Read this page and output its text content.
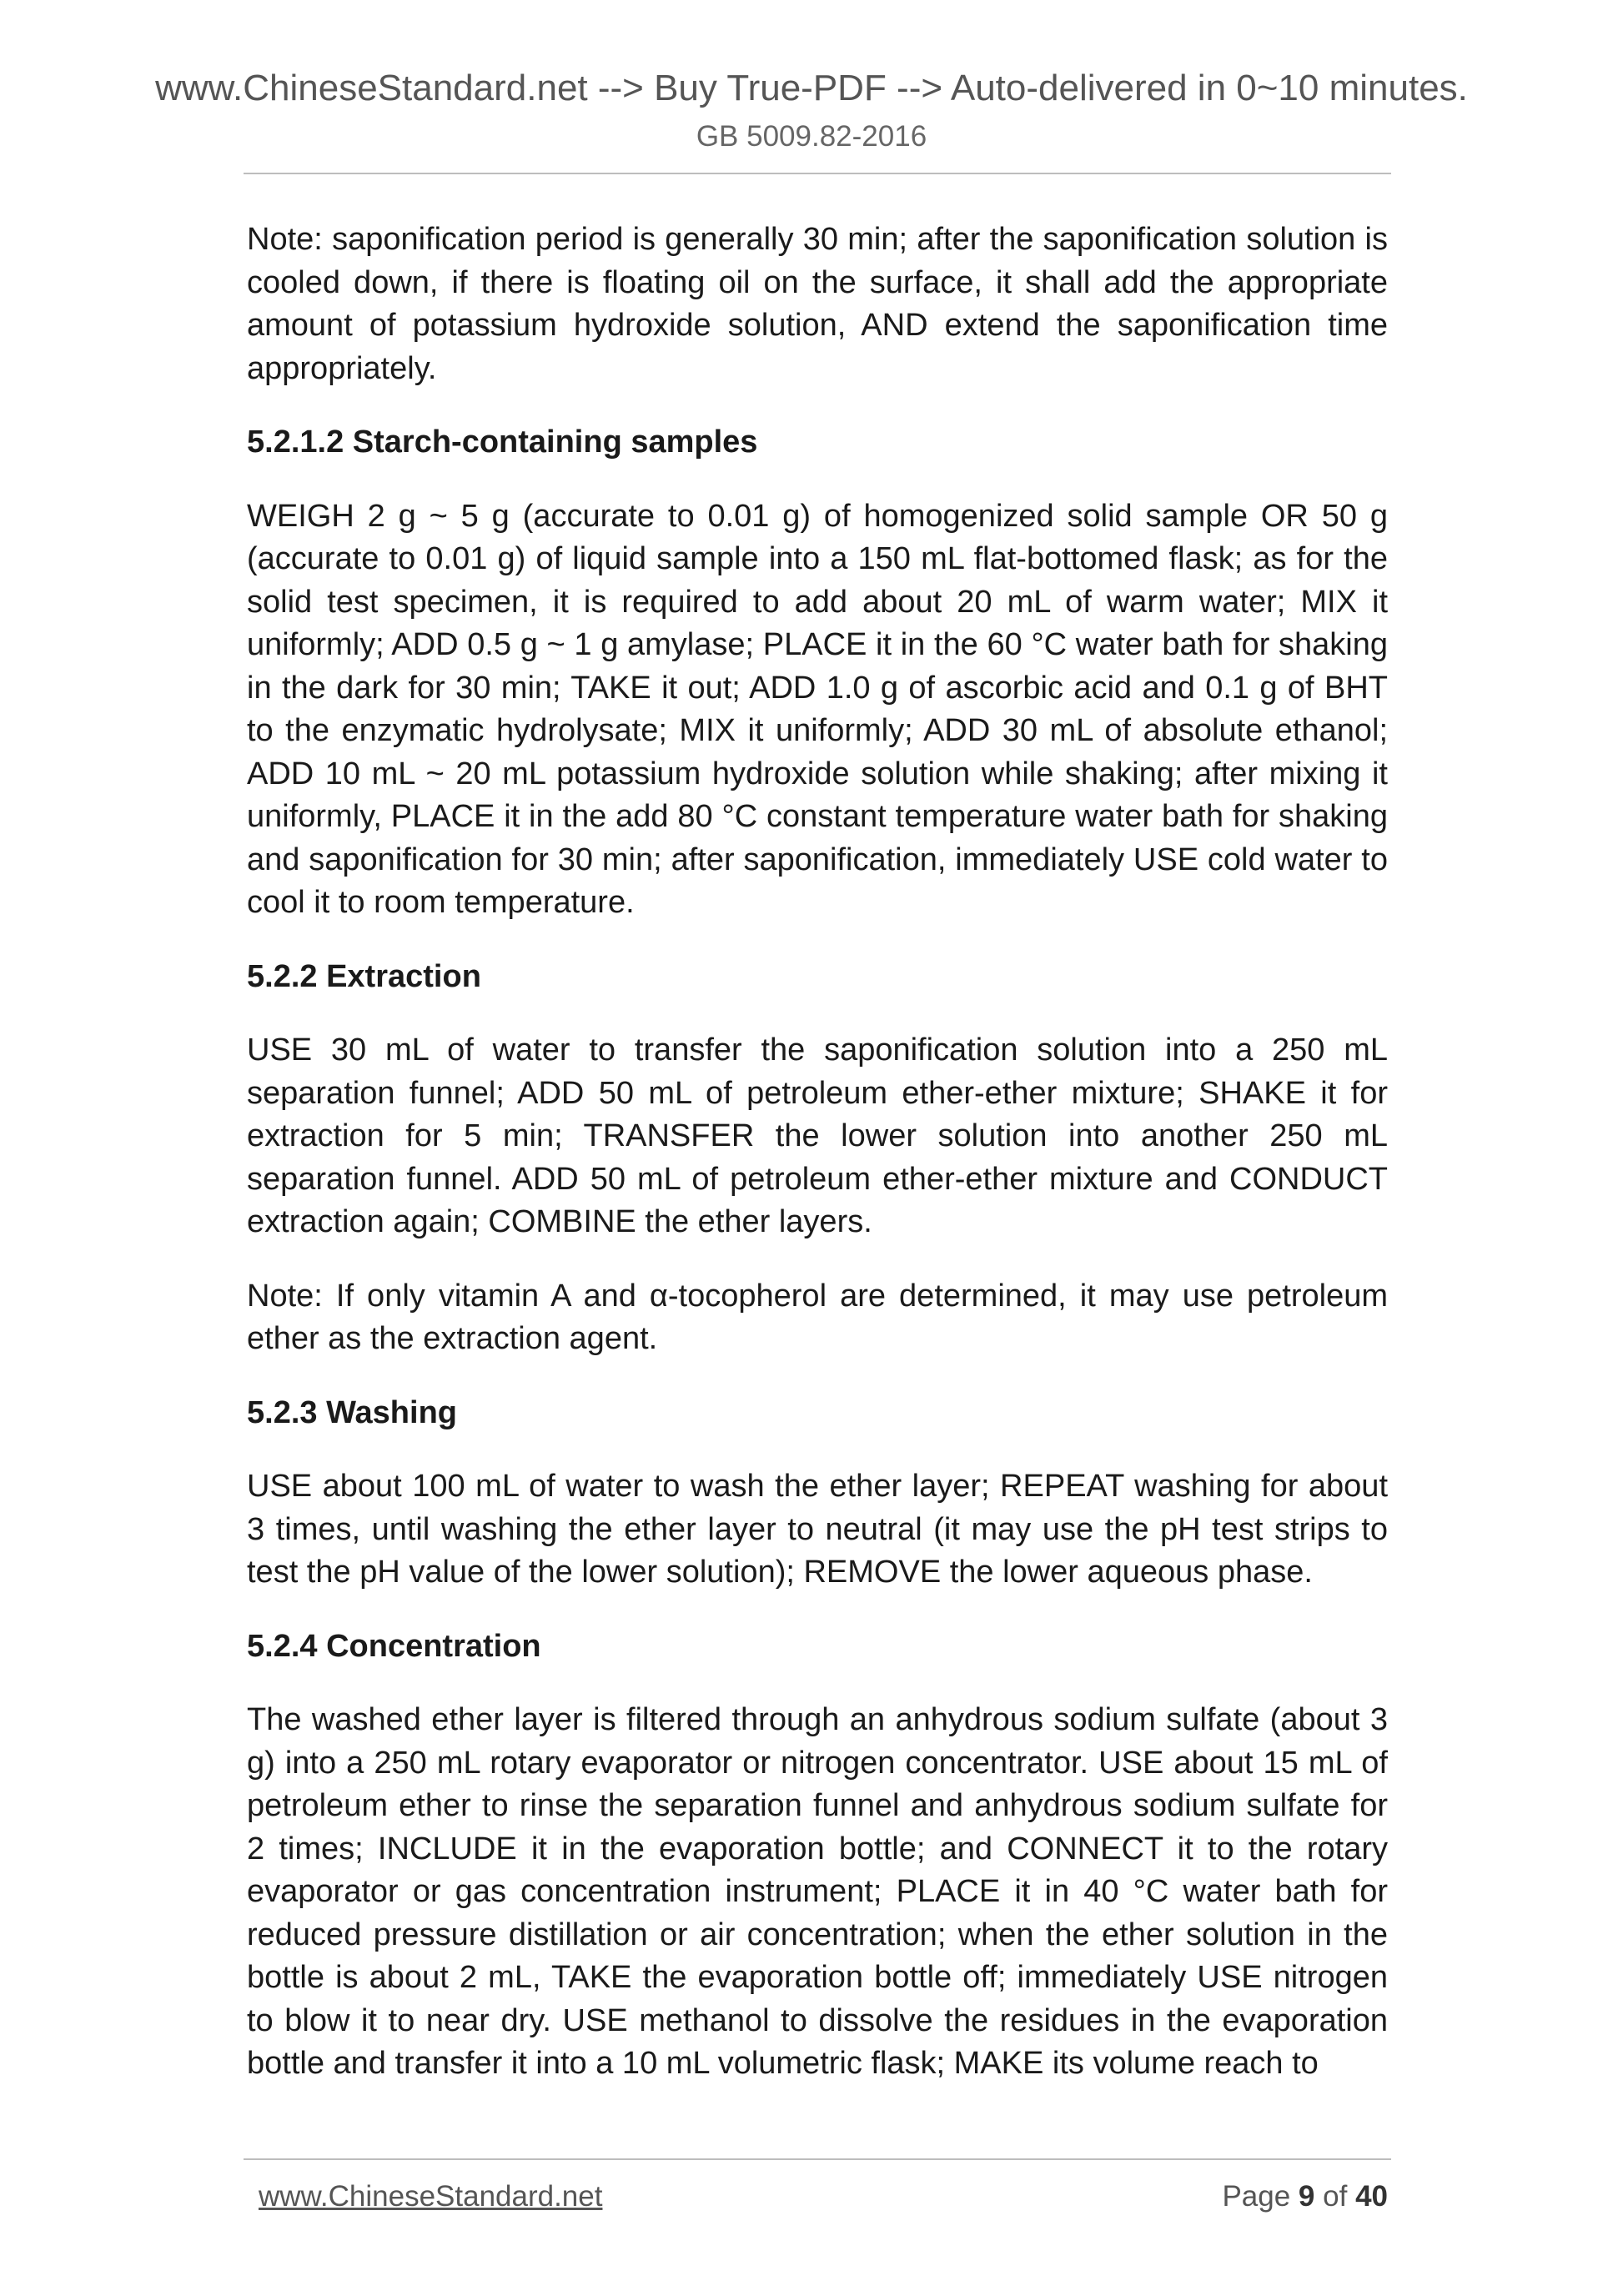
www.ChineseStandard.net --> Buy True-PDF --> Auto-delivered in 0~10 minutes.
GB 5009.82-2016

Note: saponification period is generally 30 min; after the saponification solution is cooled down, if there is floating oil on the surface, it shall add the appropriate amount of potassium hydroxide solution, AND extend the saponification time appropriately.

5.2.1.2 Starch-containing samples

WEIGH 2 g ~ 5 g (accurate to 0.01 g) of homogenized solid sample OR 50 g (accurate to 0.01 g) of liquid sample into a 150 mL flat-bottomed flask; as for the solid test specimen, it is required to add about 20 mL of warm water; MIX it uniformly; ADD 0.5 g ~ 1 g amylase; PLACE it in the 60 °C water bath for shaking in the dark for 30 min; TAKE it out; ADD 1.0 g of ascorbic acid and 0.1 g of BHT to the enzymatic hydrolysate; MIX it uniformly; ADD 30 mL of absolute ethanol; ADD 10 mL ~ 20 mL potassium hydroxide solution while shaking; after mixing it uniformly, PLACE it in the add 80 °C constant temperature water bath for shaking and saponification for 30 min; after saponification, immediately USE cold water to cool it to room temperature.

5.2.2 Extraction

USE 30 mL of water to transfer the saponification solution into a 250 mL separation funnel; ADD 50 mL of petroleum ether-ether mixture; SHAKE it for extraction for 5 min; TRANSFER the lower solution into another 250 mL separation funnel. ADD 50 mL of petroleum ether-ether mixture and CONDUCT extraction again; COMBINE the ether layers.

Note: If only vitamin A and α-tocopherol are determined, it may use petroleum ether as the extraction agent.

5.2.3 Washing

USE about 100 mL of water to wash the ether layer; REPEAT washing for about 3 times, until washing the ether layer to neutral (it may use the pH test strips to test the pH value of the lower solution); REMOVE the lower aqueous phase.

5.2.4 Concentration

The washed ether layer is filtered through an anhydrous sodium sulfate (about 3 g) into a 250 mL rotary evaporator or nitrogen concentrator. USE about 15 mL of petroleum ether to rinse the separation funnel and anhydrous sodium sulfate for 2 times; INCLUDE it in the evaporation bottle; and CONNECT it to the rotary evaporator or gas concentration instrument; PLACE it in 40 °C water bath for reduced pressure distillation or air concentration; when the ether solution in the bottle is about 2 mL, TAKE the evaporation bottle off; immediately USE nitrogen to blow it to near dry. USE methanol to dissolve the residues in the evaporation bottle and transfer it into a 10 mL volumetric flask; MAKE its volume reach to

www.ChineseStandard.net	Page 9 of 40
